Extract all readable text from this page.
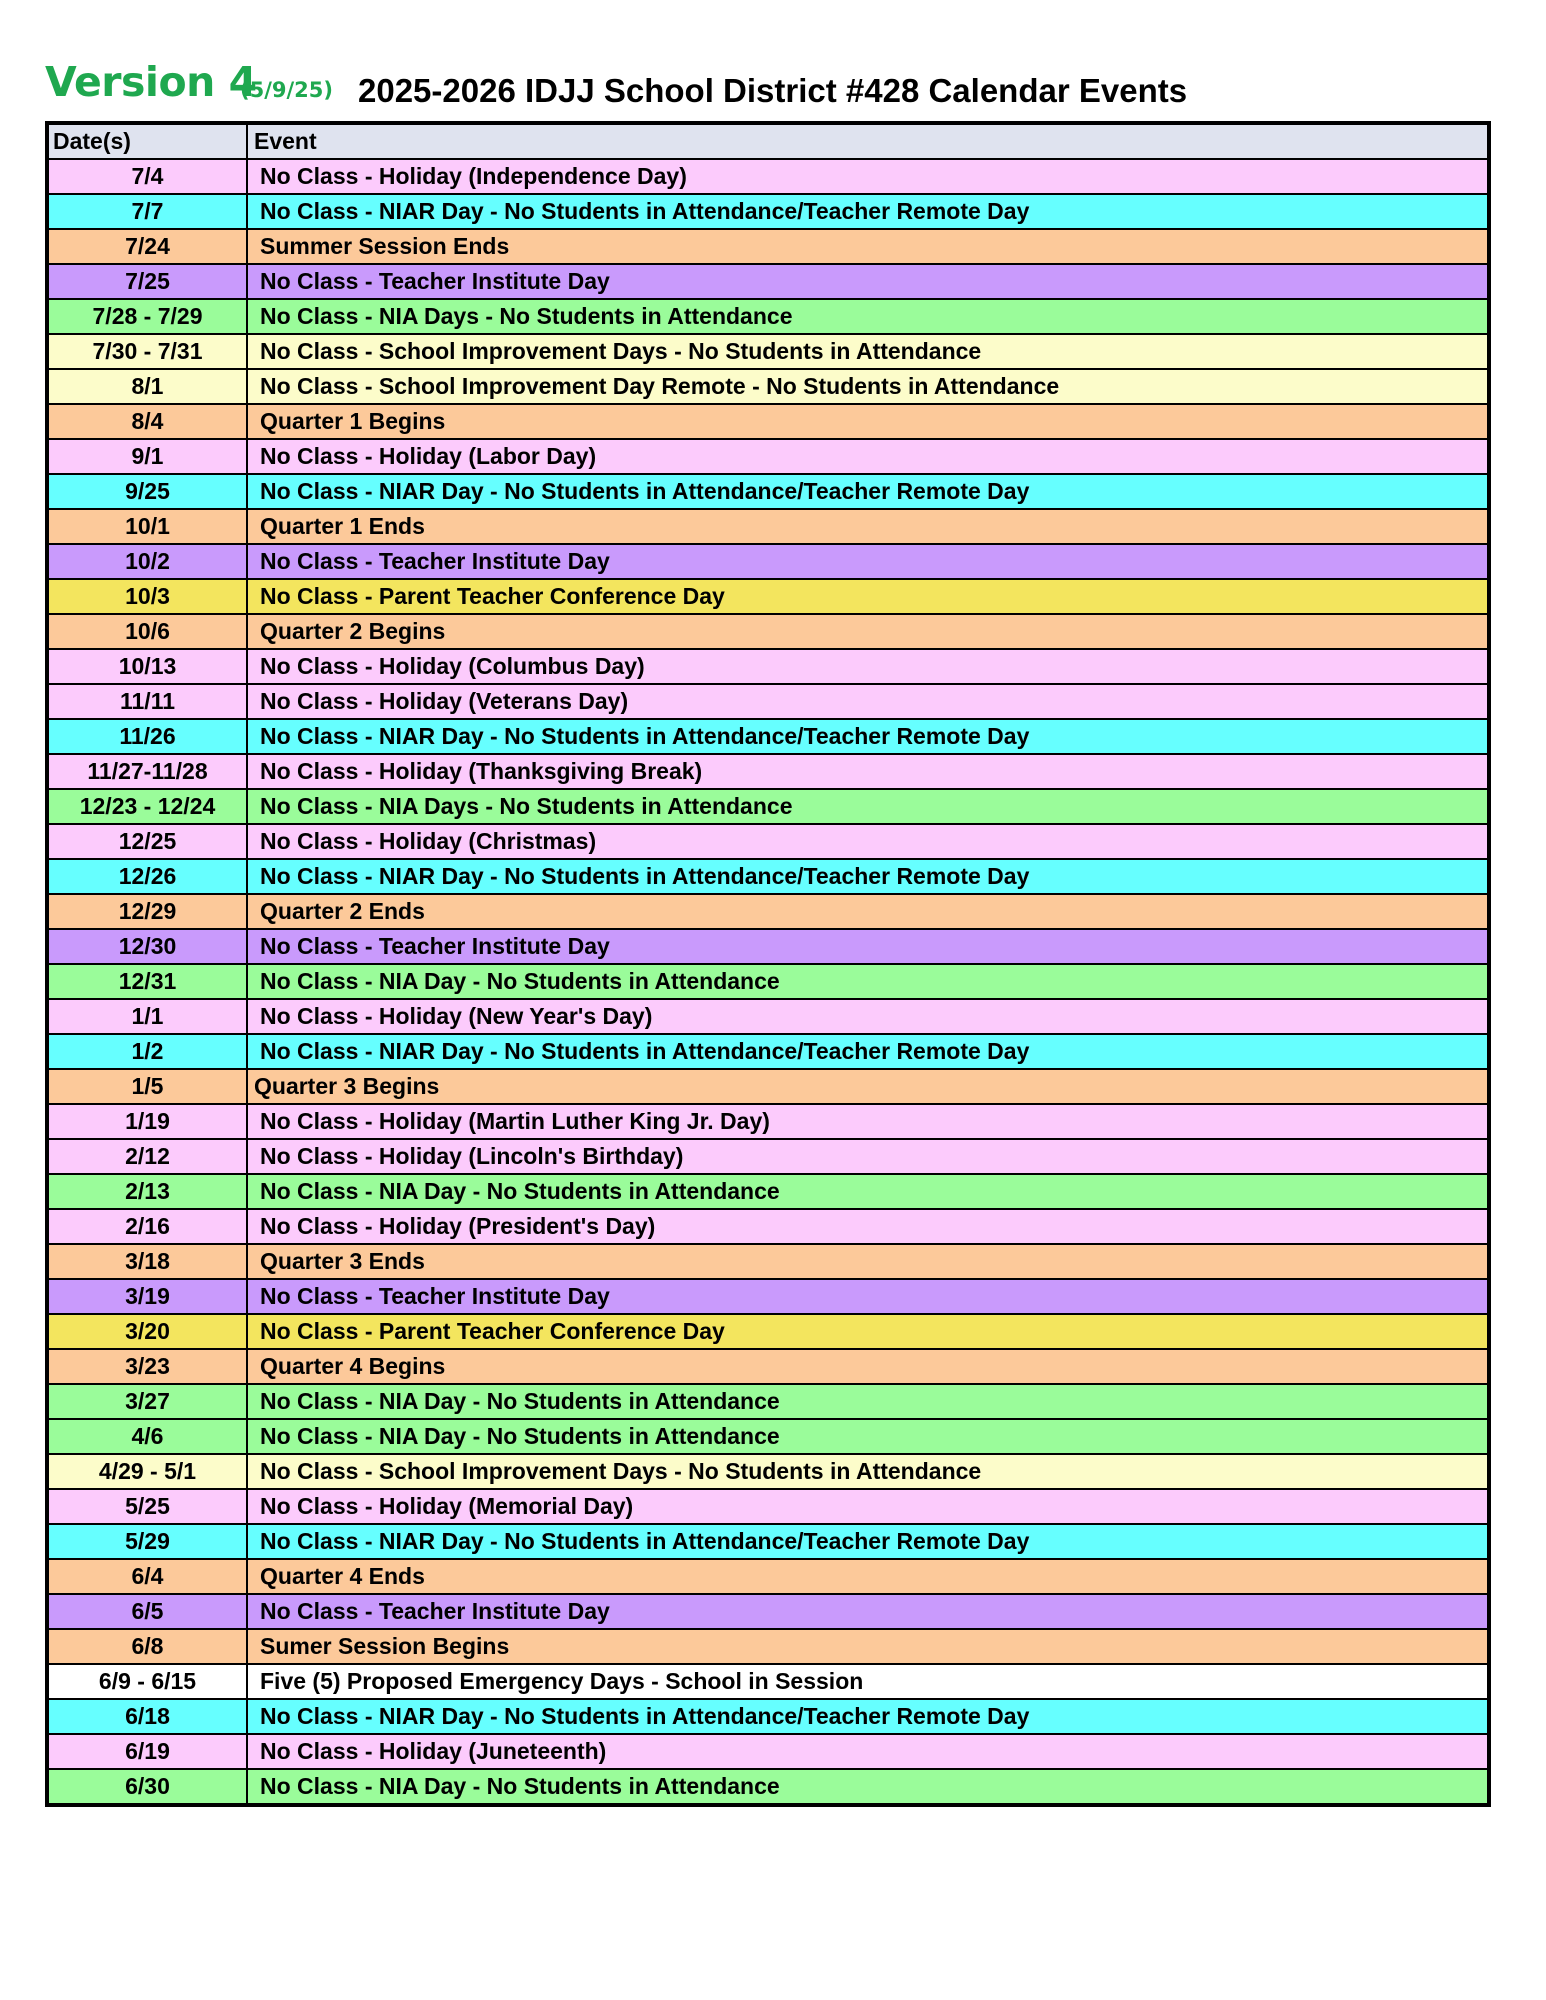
Version 4
(5/9/25) 2025-2026 IDJJ School District #428 Calendar Events
Date(s)	Event
7/4	No Class - Holiday (Independence Day)
7/7	No Class - NIAR Day - No Students in Attendance/Teacher Remote Day
7/24	Summer Session Ends
7/25	No Class - Teacher Institute Day
7/28 - 7/29	No Class - NIA Days - No Students in Attendance
7/30 - 7/31	No Class - School Improvement Days - No Students in Attendance
8/1	No Class - School Improvement Day Remote - No Students in Attendance
8/4	Quarter 1 Begins
9/1	No Class - Holiday (Labor Day)
9/25	No Class - NIAR Day - No Students in Attendance/Teacher Remote Day
10/1	Quarter 1 Ends
10/2	No Class - Teacher Institute Day
10/3	No Class - Parent Teacher Conference Day
10/6	Quarter 2 Begins
10/13	No Class - Holiday (Columbus Day)
11/11	No Class - Holiday (Veterans Day)
11/26	No Class - NIAR Day - No Students in Attendance/Teacher Remote Day
11/27-11/28	No Class - Holiday (Thanksgiving Break)
12/23 - 12/24	No Class - NIA Days - No Students in Attendance
12/25	No Class - Holiday (Christmas)
12/26	No Class - NIAR Day - No Students in Attendance/Teacher Remote Day
12/29	Quarter 2 Ends
12/30	No Class - Teacher Institute Day
12/31	No Class - NIA Day - No Students in Attendance
1/1	No Class - Holiday (New Year's Day)
1/2	No Class - NIAR Day - No Students in Attendance/Teacher Remote Day
1/5	Quarter 3 Begins
1/19	No Class - Holiday (Martin Luther King Jr. Day)
2/12	No Class - Holiday (Lincoln's Birthday)
2/13	No Class - NIA Day - No Students in Attendance
2/16	No Class - Holiday (President's Day)
3/18	Quarter 3 Ends
3/19	No Class - Teacher Institute Day
3/20	No Class - Parent Teacher Conference Day
3/23	Quarter 4 Begins
3/27	No Class - NIA Day - No Students in Attendance
4/6	No Class - NIA Day - No Students in Attendance
4/29 - 5/1	No Class - School Improvement Days - No Students in Attendance
5/25	No Class - Holiday (Memorial Day)
5/29	No Class - NIAR Day - No Students in Attendance/Teacher Remote Day
6/4	Quarter 4 Ends
6/5	No Class - Teacher Institute Day
6/8	Sumer Session Begins
6/9 - 6/15	Five (5) Proposed Emergency Days - School in Session
6/18	No Class - NIAR Day - No Students in Attendance/Teacher Remote Day
6/19	No Class - Holiday (Juneteenth)
6/30	No Class - NIA Day - No Students in Attendance
